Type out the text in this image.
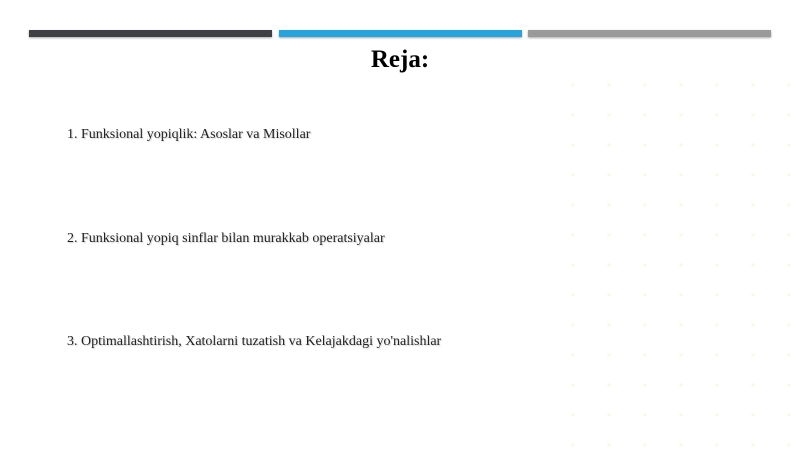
Reja:
1. Funksional yopiqlik: Asoslar va Misollar
2. Funksional yopiq sinflar bilan murakkab operatsiyalar
3. Optimallashtirish, Xatolarni tuzatish va Kelajakdagi yo'nalishlar
